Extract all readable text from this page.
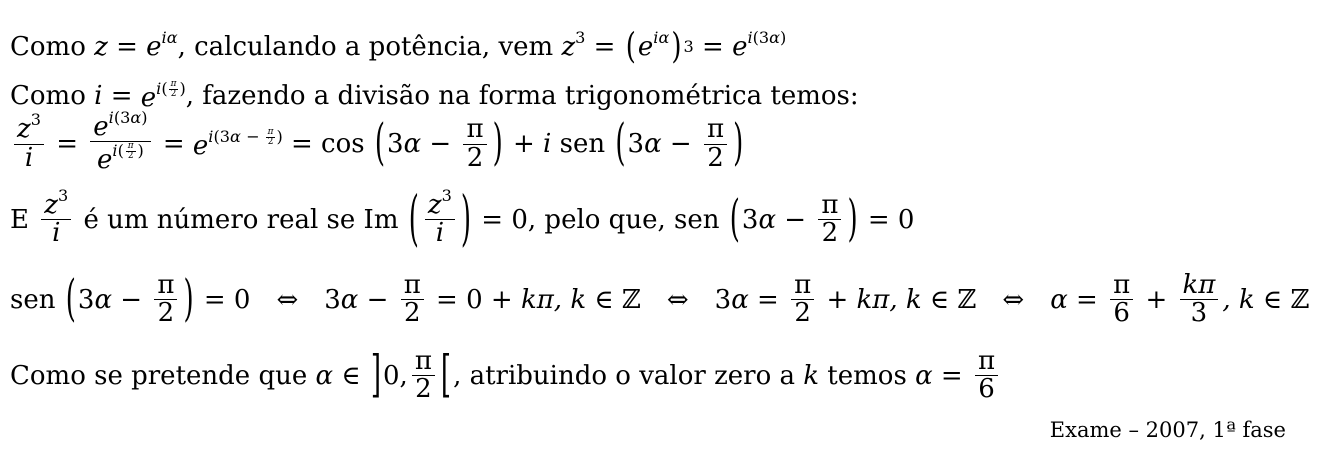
Como
$z = e^{i\alpha}$ , calculando a potência, vem
$z^3$ = ( $e^{i\alpha}$ ) $3 = e^{i(3\alpha)}$
Como
$i = e^{i( \frac{\pi}{2} )}$ , fazendo a divisão na forma trigonométrica temos:
$\frac{z^3}{i} = e^{i(3\alpha)}$
$e^{i( \frac{\pi}{2} )} = e^{i(3\alpha - \frac{\pi}{2} )} = \cos$ ( 3 $\alpha - \frac{\pi}{2}$ ) + i sen ( 3 $\alpha - \frac{\pi}{2}$ )
E
$\frac{z^3}{i}$
é um número real se Im ( $\frac{z^3}{i}$ ) = 0 , pelo que, sen ( 3 $\alpha - \frac{\pi}{2}$ ) = 0
sen ( 3 $\alpha - \frac{\pi}{2}$ ) = 0
⇔
3 $\alpha - \frac{\pi}{2} = 0 + k\pi$, k ∈ ℤ
⇔
3 $\alpha = \frac{\pi}{2} + k\pi$, k ∈ ℤ
⇔ $\alpha = \frac{\pi}{6} + \frac{k\pi}{3}$ , k ∈ ℤ
Como se pretende que
α ∈ ] 0, $\frac{\pi}{2}$ [ , atribuindo o valor zero a
k
temos
$\alpha = \frac{\pi}{6}$
Exame – 2007, 1ª fase
